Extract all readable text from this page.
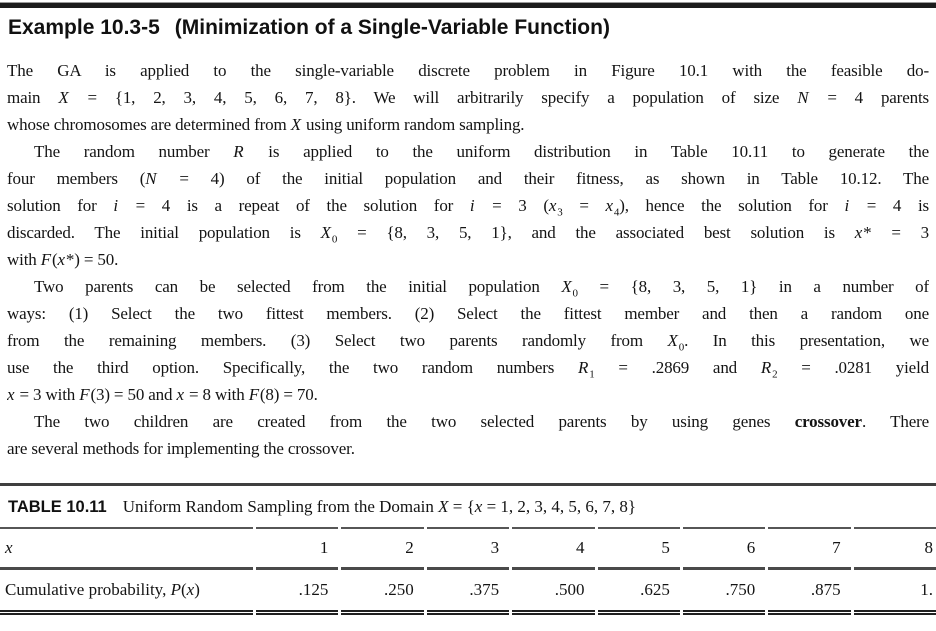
Example 10.3-5 (Minimization of a Single-Variable Function)
The GA is applied to the single-variable discrete problem in Figure 10.1 with the feasible do-
main X = {1, 2, 3, 4, 5, 6, 7, 8}. We will arbitrarily specify a population of size N = 4 parents
whose chromosomes are determined from X using uniform random sampling.
The random number R is applied to the uniform distribution in Table 10.11 to generate the
four members (N = 4) of the initial population and their fitness, as shown in Table 10.12. The
solution for i = 4 is a repeat of the solution for i = 3 $(x_3 = x_4)$, hence the solution for i = 4 is
discarded. The initial population is $X_0 = \{8$, 3, 5, 1}, and the associated best solution is x* = 3
with F(x*) = 50.
Two parents can be selected from the initial population $X_0 = \{8$, 3, 5, 1} in a number of
ways: (1) Select the two fittest members. (2) Select the fittest member and then a random one
from the remaining members. (3) Select two parents randomly from $X_0$. In this presentation, we
use the third option. Specifically, the two random numbers $R_1 = .2869$ and $R_2 = .0281$ yield
x = 3 with F(3) = 50 and x = 8 with F(8) = 70.
The two children are created from the two selected parents by using genes crossover. There
are several methods for implementing the crossover.
TABLE 10.11 Uniform Random Sampling from the Domain X = {x = 1, 2, 3, 4, 5, 6, 7, 8}
x	1	2	3	4	5	6	7	8
Cumulative probability, P(x)	.125	.250	.375	.500	.625	.750	.875	1.
